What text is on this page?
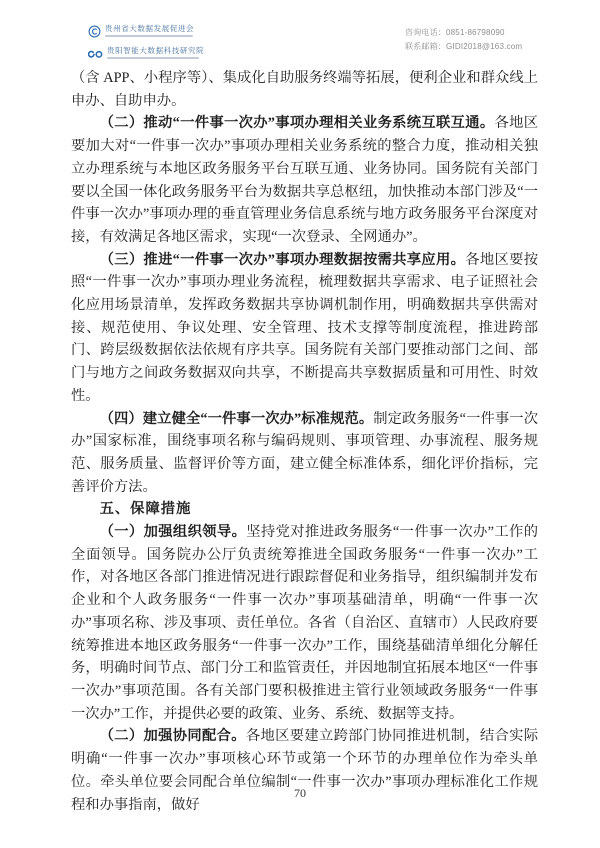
贵州省大数据发展促进会
贵阳智能大数据科技研究院
咨询电话：0851-86798090
联系邮箱：GIDI2018@163.com

（含 APP、小程序等）、集成化自助服务终端等拓展，便利企业和群众线上申办、自助申办。

（二）推动“一件事一次办”事项办理相关业务系统互联互通。各地区要加大对“一件事一次办”事项办理相关业务系统的整合力度，推动相关独立办理系统与本地区政务服务平台互联互通、业务协同。国务院有关部门要以全国一体化政务服务平台为数据共享总枢纽，加快推动本部门涉及“一件事一次办”事项办理的垂直管理业务信息系统与地方政务服务平台深度对接，有效满足各地区需求，实现“一次登录、全网通办”。

（三）推进“一件事一次办”事项办理数据按需共享应用。各地区要按照“一件事一次办”事项办理业务流程，梳理数据共享需求、电子证照社会化应用场景清单，发挥政务数据共享协调机制作用，明确数据共享供需对接、规范使用、争议处理、安全管理、技术支撑等制度流程，推进跨部门、跨层级数据依法依规有序共享。国务院有关部门要推动部门之间、部门与地方之间政务数据双向共享，不断提高共享数据质量和可用性、时效性。

（四）建立健全“一件事一次办”标准规范。制定政务服务“一件事一次办”国家标准，围绕事项名称与编码规则、事项管理、办事流程、服务规范、服务质量、监督评价等方面，建立健全标准体系，细化评价指标，完善评价方法。

五、保障措施

（一）加强组织领导。坚持党对推进政务服务“一件事一次办”工作的全面领导。国务院办公厅负责统筹推进全国政务服务“一件事一次办”工作，对各地区各部门推进情况进行跟踪督促和业务指导，组织编制并发布企业和个人政务服务“一件事一次办”事项基础清单，明确“一件事一次办”事项名称、涉及事项、责任单位。各省（自治区、直辖市）人民政府要统筹推进本地区政务服务“一件事一次办”工作，围绕基础清单细化分解任务，明确时间节点、部门分工和监管责任，并因地制宜拓展本地区“一件事一次办”事项范围。各有关部门要积极推进主管行业领域政务服务“一件事一次办”工作，并提供必要的政策、业务、系统、数据等支持。

（二）加强协同配合。各地区要建立跨部门协同推进机制，结合实际明确“一件事一次办”事项核心环节或第一个环节的办理单位作为牵头单位。牵头单位要会同配合单位编制“一件事一次办”事项办理标准化工作规程和办事指南，做好

70
